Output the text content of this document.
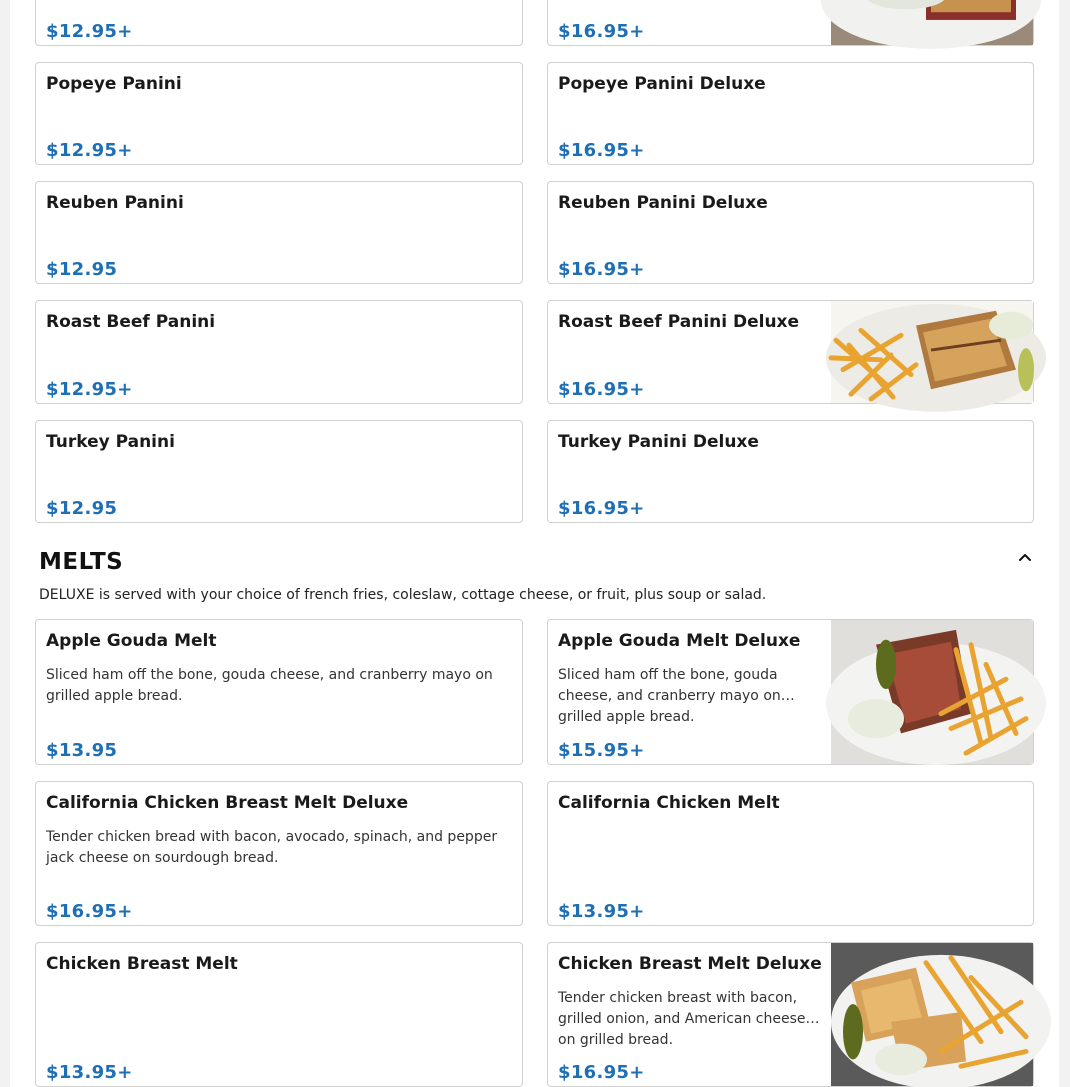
$12.95+	$16.95+
Popeye Panini
$12.95+
Popeye Panini Deluxe
$16.95+
Reuben Panini
$12.95
Reuben Panini Deluxe
$16.95+
Roast Beef Panini
$12.95+
Roast Beef Panini Deluxe
$16.95+
Turkey Panini
$12.95
Turkey Panini Deluxe
$16.95+
MELTS
DELUXE is served with your choice of french fries, coleslaw, cottage cheese, or fruit, plus soup or salad.
Apple Gouda Melt
Sliced ham off the bone, gouda cheese, and cranberry mayo on grilled apple bread.
$13.95
Apple Gouda Melt Deluxe
Sliced ham off the bone, gouda cheese, and cranberry mayo on grilled apple bread.
$15.95+
California Chicken Breast Melt Deluxe
Tender chicken bread with bacon, avocado, spinach, and pepper jack cheese on sourdough bread.
$16.95+
California Chicken Melt
$13.95+
Chicken Breast Melt
$13.95+
Chicken Breast Melt Deluxe
Tender chicken breast with bacon, grilled onion, and American cheese on grilled bread.
$16.95+
